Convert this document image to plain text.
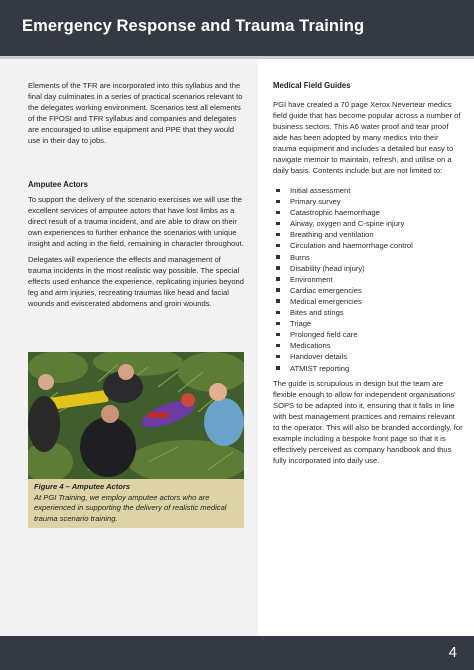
Emergency Response and Trauma Training

Elements of the TFR are incorporated into this syllabus and the final day culminates in a series of practical scenarios relevant to the delegates working environment. Scenarios test all elements of the FPOSI and TFR syllabus and companies and delegates are encouraged to utilise equipment and PPE that they would use in their day to jobs.

Amputee Actors

To support the delivery of the scenario exercises we will use the excellent services of amputee actors that have lost limbs as a direct result of a trauma incident, and are able to draw on their own experiences to further enhance the scenarios with unique insight and acting in the field, remaining in character throughout.

Delegates will experience the effects and management of trauma incidents in the most realistic way possible. The special effects used enhance the experience, replicating injuries beyond leg and arm injuries, recreating traumas like head and facial wounds and eviscerated abdomens and groin wounds.

Figure 4 – Amputee Actors

At PGI Training, we employ amputee actors who are experienced in supporting the delivery of realistic medical trauma scenario training.

Medical Field Guides

PGI have created a 70 page Xerox Nevertear medics field guide that has become popular across a number of business sectors. This A6 water proof and tear proof aide has been adopted by many medics into their trauma equipment and includes a detailed but easy to navigate memoir to maintain, refresh, and utilise on a daily basis. Contents include but are not limited to:

Initial assessment
Primary survey
Catastrophic haemorrhage
Airway, oxygen and C-spine injury
Breathing and ventilation
Circulation and haemorrhage control
Burns
Disability (head injury)
Environment
Cardiac emergencies
Medical emergencies
Bites and stings
Triage
Prolonged field care
Medications
Handover details
ATMIST reporting

The guide is scrupulous in design but the team are flexible enough to allow for independent organisations' SOPS to be adapted into it, ensuring that it falls in line with best management practices and remains relevant to the operator. This will also be branded accordingly, for example including a bespoke front page so that it is effectively perceived as company handbook and thus fully incorporated into daily use.

4
